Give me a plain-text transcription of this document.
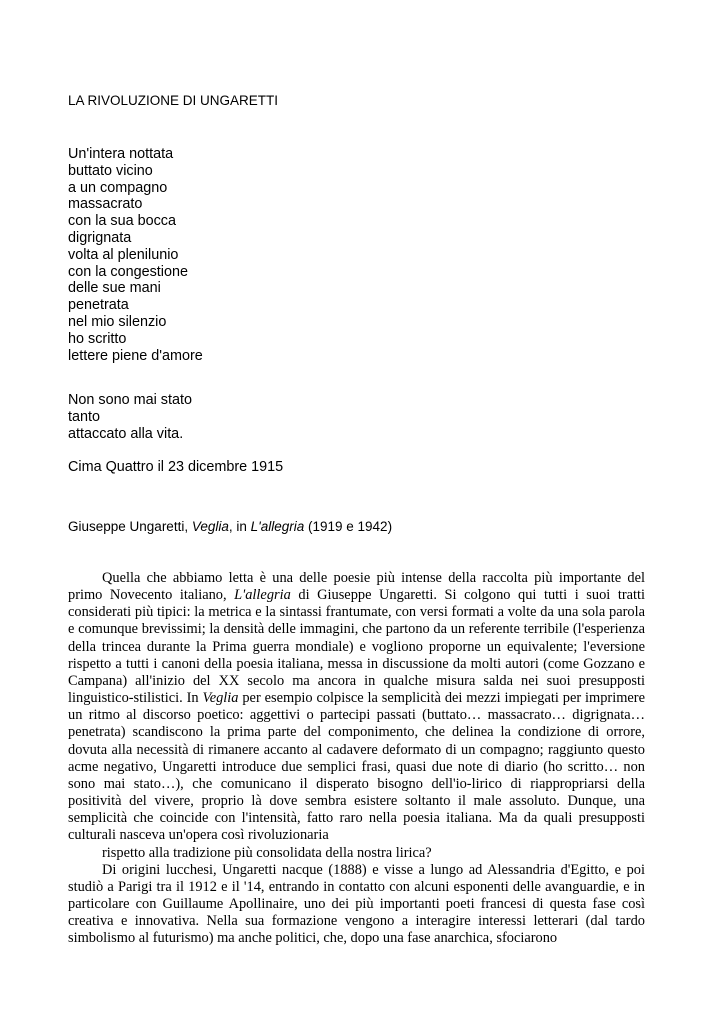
LA RIVOLUZIONE DI UNGARETTI
Un'intera nottata
buttato vicino
a un compagno
massacrato
con la sua bocca
digrignata
volta al plenilunio
con la congestione
delle sue mani
penetrata
nel mio silenzio
ho scritto
lettere piene d'amore
Non sono mai stato
tanto
attaccato alla vita.
Cima Quattro il 23 dicembre 1915
Giuseppe Ungaretti, Veglia, in L'allegria (1919 e 1942)

Quella che abbiamo letta è una delle poesie più intense della raccolta più importante del primo Novecento italiano, L'allegria di Giuseppe Ungaretti. Si colgono qui tutti i suoi tratti considerati più tipici: la metrica e la sintassi frantumate, con versi formati a volte da una sola parola e comunque brevissimi; la densità delle immagini, che partono da un referente terribile (l'esperienza della trincea durante la Prima guerra mondiale) e vogliono proporne un equivalente; l'eversione rispetto a tutti i canoni della poesia italiana, messa in discussione da molti autori (come Gozzano e Campana) all'inizio del XX secolo ma ancora in qualche misura salda nei suoi presupposti linguistico-stilistici. In Veglia per esempio colpisce la semplicità dei mezzi impiegati per imprimere un ritmo al discorso poetico: aggettivi o partecipi passati (buttato… massacrato… digrignata… penetrata) scandiscono la prima parte del componimento, che delinea la condizione di orrore, dovuta alla necessità di rimanere accanto al cadavere deformato di un compagno; raggiunto questo acme negativo, Ungaretti introduce due semplici frasi, quasi due note di diario (ho scritto… non sono mai stato…), che comunicano il disperato bisogno dell'io-lirico di riappropriarsi della positività del vivere, proprio là dove sembra esistere soltanto il male assoluto. Dunque, una semplicità che coincide con l'intensità, fatto raro nella poesia italiana. Ma da quali presupposti culturali nasceva un'opera così rivoluzionaria
rispetto alla tradizione più consolidata della nostra lirica?

Di origini lucchesi, Ungaretti nacque (1888) e visse a lungo ad Alessandria d'Egitto, e poi studiò a Parigi tra il 1912 e il '14, entrando in contatto con alcuni esponenti delle avanguardie, e in particolare con Guillaume Apollinaire, uno dei più importanti poeti francesi di questa fase così creativa e innovativa. Nella sua formazione vengono a interagire interessi letterari (dal tardo simbolismo al futurismo) ma anche politici, che, dopo una fase anarchica, sfociarono
